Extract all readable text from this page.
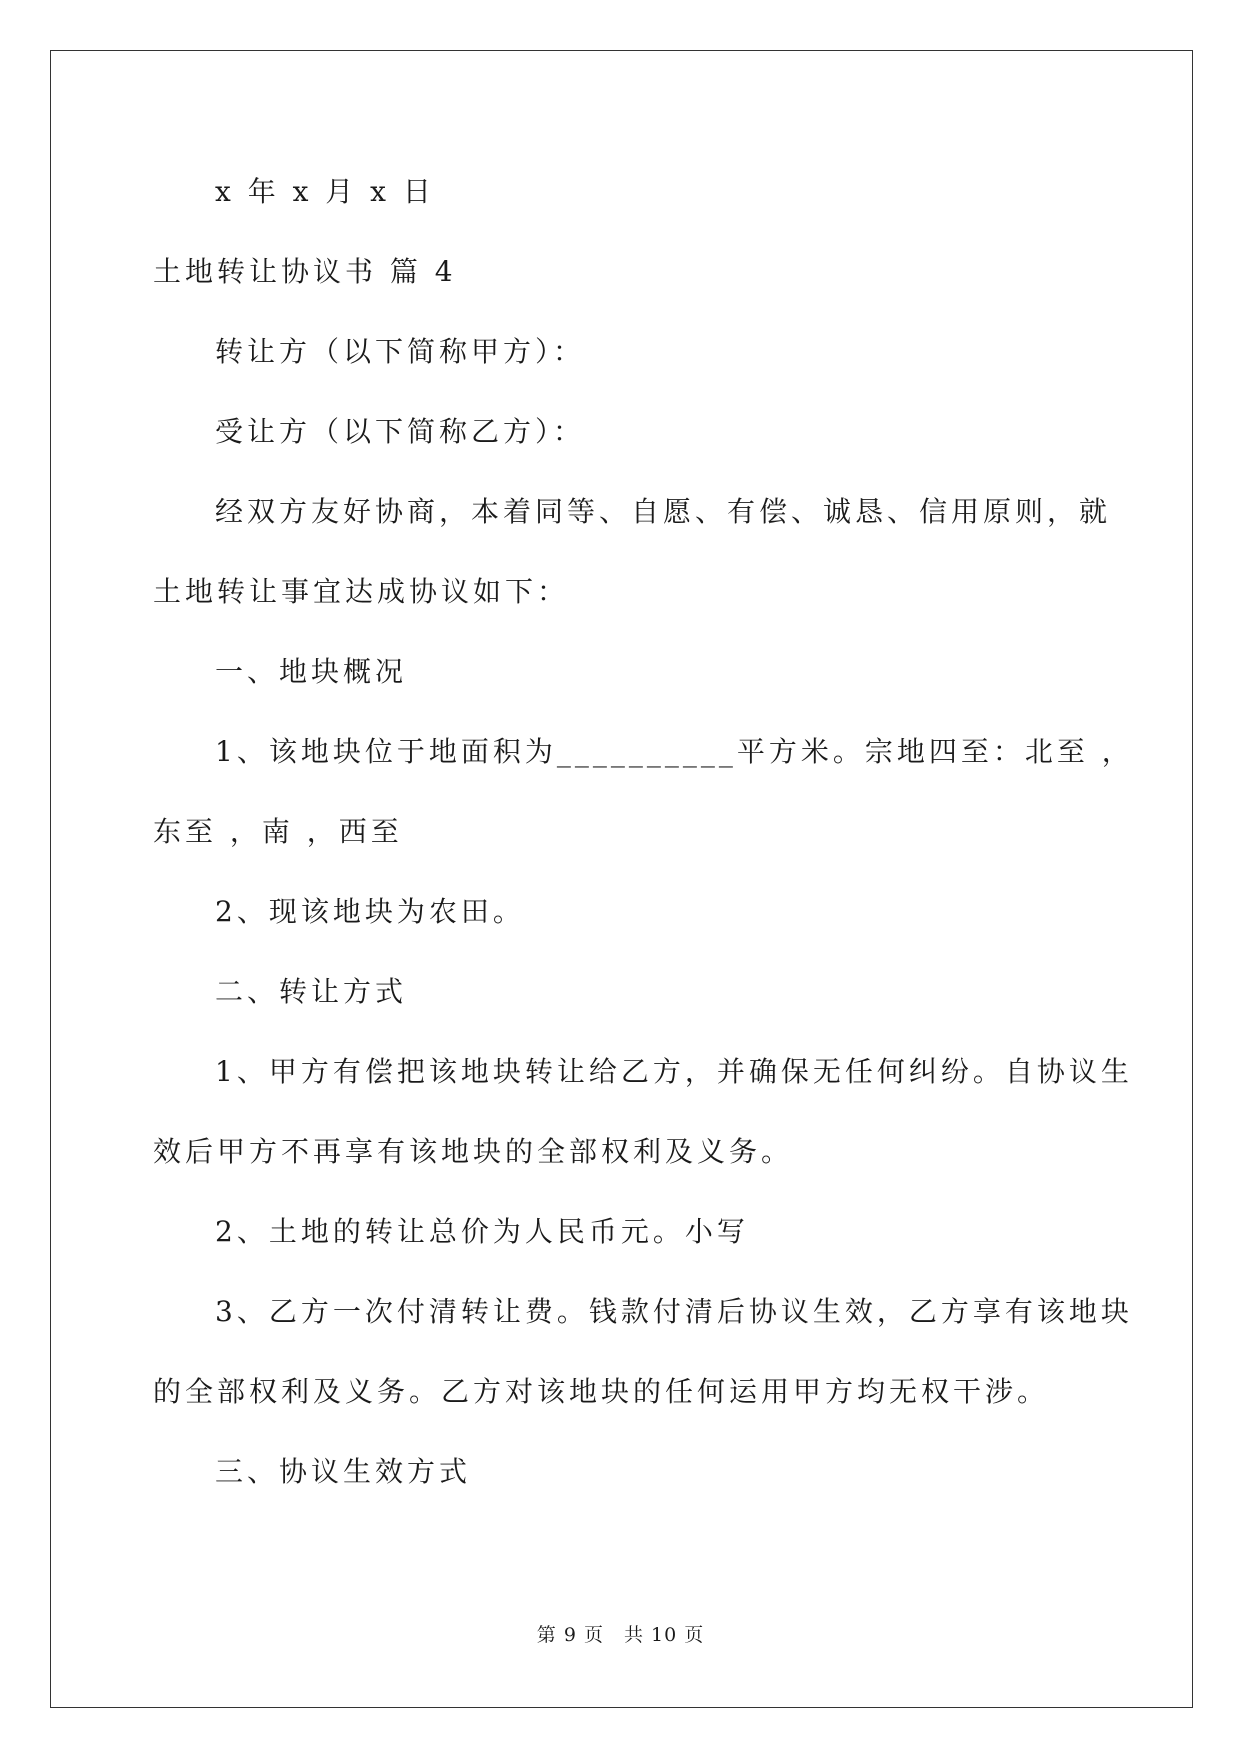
x 年 x 月 x 日
土地转让协议书 篇 4
转让方（以下简称甲方）：
受让方（以下简称乙方）：
经双方友好协商，本着同等、自愿、有偿、诚恳、信用原则，就
土地转让事宜达成协议如下：
一、地块概况
1、该地块位于地面积为__________平方米。宗地四至：北至 ，
东至 ，南 ，西至
2、现该地块为农田。
二、转让方式
1、甲方有偿把该地块转让给乙方，并确保无任何纠纷。自协议生
效后甲方不再享有该地块的全部权利及义务。
2、土地的转让总价为人民币元。小写
3、乙方一次付清转让费。钱款付清后协议生效，乙方享有该地块
的全部权利及义务。乙方对该地块的任何运用甲方均无权干涉。
三、协议生效方式
第 9 页 共 10 页
